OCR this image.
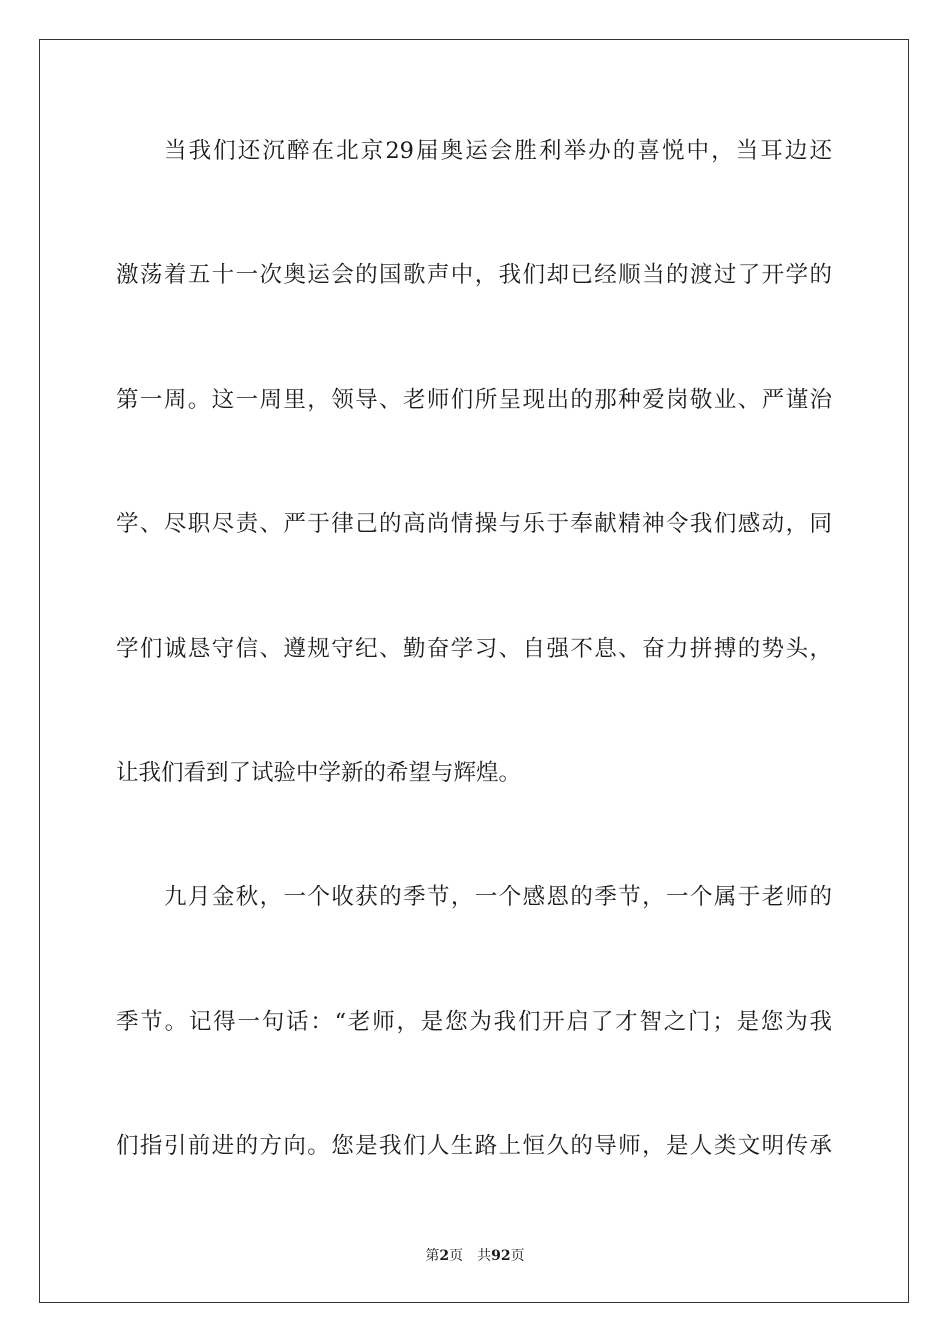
当我们还沉醉在北京29届奥运会胜利举办的喜悦中，当耳边还
激荡着五十一次奥运会的国歌声中，我们却已经顺当的渡过了开学的
第一周。这一周里，领导、老师们所呈现出的那种爱岗敬业、严谨治
学、尽职尽责、严于律己的高尚情操与乐于奉献精神令我们感动，同
学们诚恳守信、遵规守纪、勤奋学习、自强不息、奋力拼搏的势头，
让我们看到了试验中学新的希望与辉煌。
九月金秋，一个收获的季节，一个感恩的季节，一个属于老师的
季节。记得一句话：“老师，是您为我们开启了才智之门；是您为我
们指引前进的方向。您是我们人生路上恒久的导师，是人类文明传承
第2页 共92页
